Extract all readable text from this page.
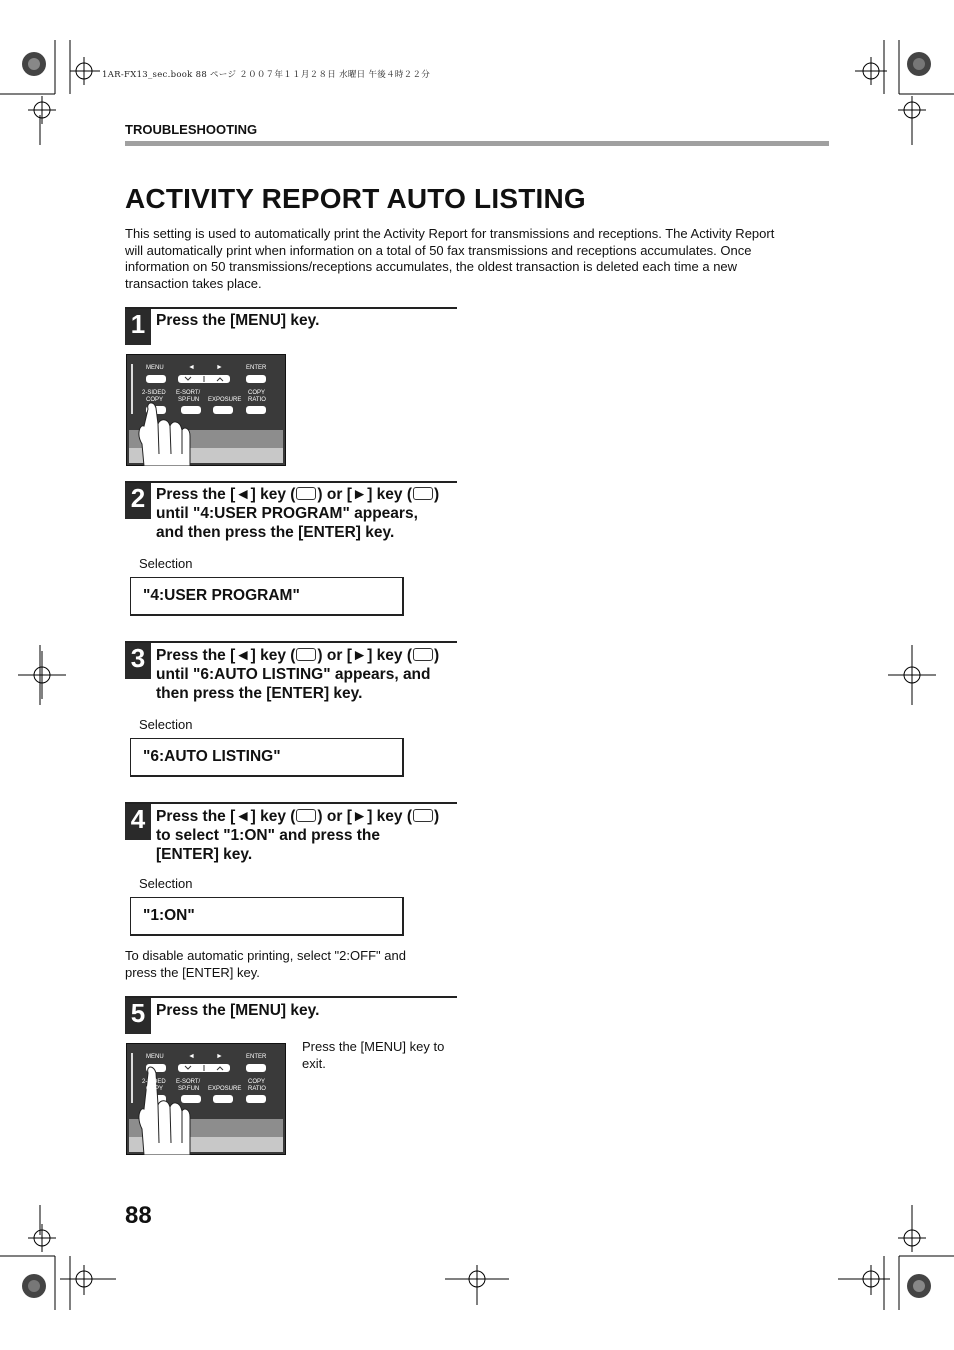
1AR-FX13_sec.book 88 ページ ２００７年１１月２８日 水曜日 午後４時２２分
TROUBLESHOOTING
ACTIVITY REPORT AUTO LISTING
This setting is used to automatically print the Activity Report for transmissions and receptions. The Activity Report
will automatically print when information on a total of 50 fax transmissions and receptions accumulates. Once
information on 50 transmissions/receptions accumulates, the oldest transaction is deleted each time a new
transaction takes place.
1 Press the [MENU] key.
MENU	◄	►	ENTER
2-SIDED
COPY
E-SORT/
SP.FUN EXPOSURE
COPY
RATIO
2 Press the [◄] key ( ) or [►] key ( )
until "4:USER PROGRAM" appears,
and then press the [ENTER] key.
Selection
"4:USER PROGRAM"
3 Press the [◄] key ( ) or [►] key ( )
until "6:AUTO LISTING" appears, and
then press the [ENTER] key.
Selection
"6:AUTO LISTING"
4 Press the [◄] key ( ) or [►] key ( )
to select "1:ON" and press the
[ENTER] key.
Selection
"1:ON"
To disable automatic printing, select "2:OFF" and
press the [ENTER] key.
5 Press the [MENU] key.
MENU	◄	►	ENTER
2-SIDED
COPY
E-SORT/
SP.FUN EXPOSURE
COPY
RATIO
Press the [MENU] key to
exit.
88
